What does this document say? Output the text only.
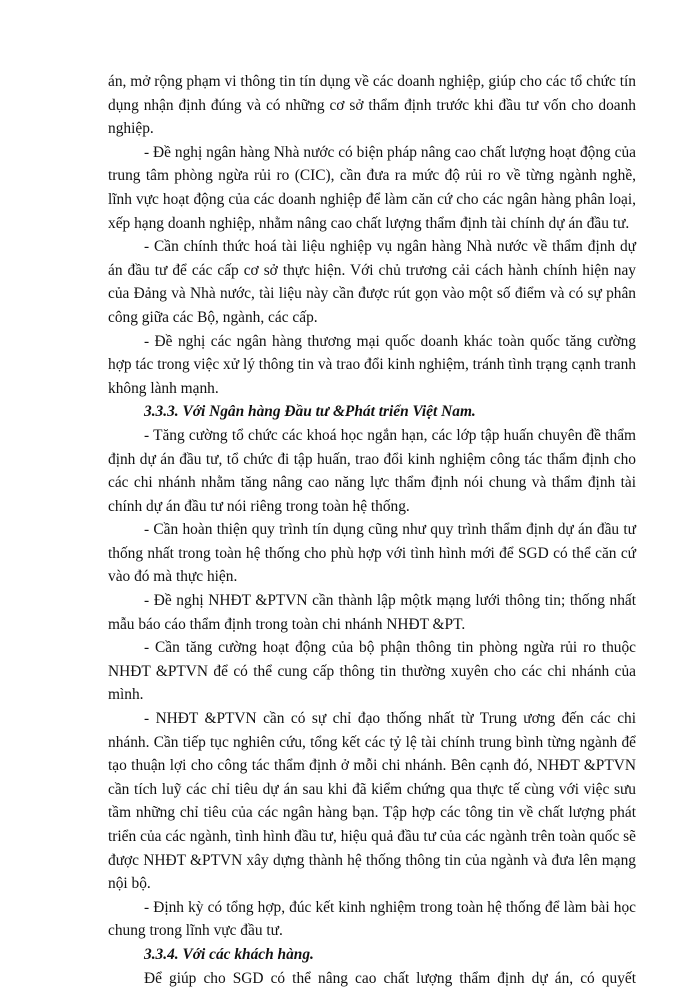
án, mở rộng phạm vi thông tin tín dụng về các doanh nghiệp, giúp cho các tổ chức tín dụng nhận định đúng và có những cơ sở thẩm định trước khi đầu tư vốn cho doanh nghiệp.

- Đề nghị ngân hàng Nhà nước có biện pháp nâng cao chất lượng hoạt động của trung tâm phòng ngừa rủi ro (CIC), cần đưa ra mức độ rủi ro về từng ngành nghề, lĩnh vực hoạt động của các doanh nghiệp để làm căn cứ cho các ngân hàng phân loại, xếp hạng doanh nghiệp, nhằm nâng cao chất lượng thẩm định tài chính dự án đầu tư.

- Cần chính thức hoá tài liệu nghiệp vụ ngân hàng Nhà nước về thẩm định dự án đầu tư để các cấp cơ sở thực hiện. Với chủ trương cải cách hành chính hiện nay của Đảng và Nhà nước, tài liệu này cần được rút gọn vào một số điểm và có sự phân công giữa các Bộ, ngành, các cấp.

- Đề nghị các ngân hàng thương mại quốc doanh khác toàn quốc tăng cường hợp tác trong việc xử lý thông tin và trao đổi kinh nghiệm, tránh tình trạng cạnh tranh không lành mạnh.

3.3.3. Với Ngân hàng Đầu tư &Phát triển Việt Nam.

- Tăng cường tổ chức các khoá học ngắn hạn, các lớp tập huấn chuyên đề thẩm định dự án đầu tư, tổ chức đi tập huấn, trao đổi kinh nghiệm công tác thẩm định cho các chi nhánh nhằm tăng nâng cao năng lực thẩm định nói chung và thẩm định tài chính dự án đầu tư nói riêng trong toàn hệ thống.

- Cần hoàn thiện quy trình tín dụng cũng như quy trình thẩm định dự án đầu tư thống nhất trong toàn hệ thống cho phù hợp với tình hình mới để SGD có thể căn cứ vào đó mà thực hiện.

- Đề nghị NHĐT &PTVN cần thành lập mộtk mạng lưới thông tin; thống nhất mẫu báo cáo thẩm định trong toàn chi nhánh NHĐT &PT.

- Cần tăng cường hoạt động của bộ phận thông tin phòng ngừa rủi ro thuộc NHĐT &PTVN để có thể cung cấp thông tin thường xuyên cho các chi nhánh của mình.

- NHĐT &PTVN cần có sự chỉ đạo thống nhất từ Trung ương đến các chi nhánh. Cần tiếp tục nghiên cứu, tổng kết các tỷ lệ tài chính trung bình từng ngành để tạo thuận lợi cho công tác thẩm định ở mỗi chi nhánh. Bên cạnh đó, NHĐT &PTVN cần tích luỹ các chỉ tiêu dự án sau khi đã kiểm chứng qua thực tế cùng với việc sưu tầm những chỉ tiêu của các ngân hàng bạn. Tập hợp các tông tin về chất lượng phát triển của các ngành, tình hình đầu tư, hiệu quả đầu tư của các ngành trên toàn quốc sẽ được NHĐT &PTVN xây dựng thành hệ thống thông tin của ngành và đưa lên mạng nội bộ.

- Định kỳ có tổng hợp, đúc kết kinh nghiệm trong toàn hệ thống để làm bài học chung trong lĩnh vực đầu tư.

3.3.4. Với các khách hàng.

Để giúp cho SGD có thể nâng cao chất lượng thẩm định dự án, có quyết
